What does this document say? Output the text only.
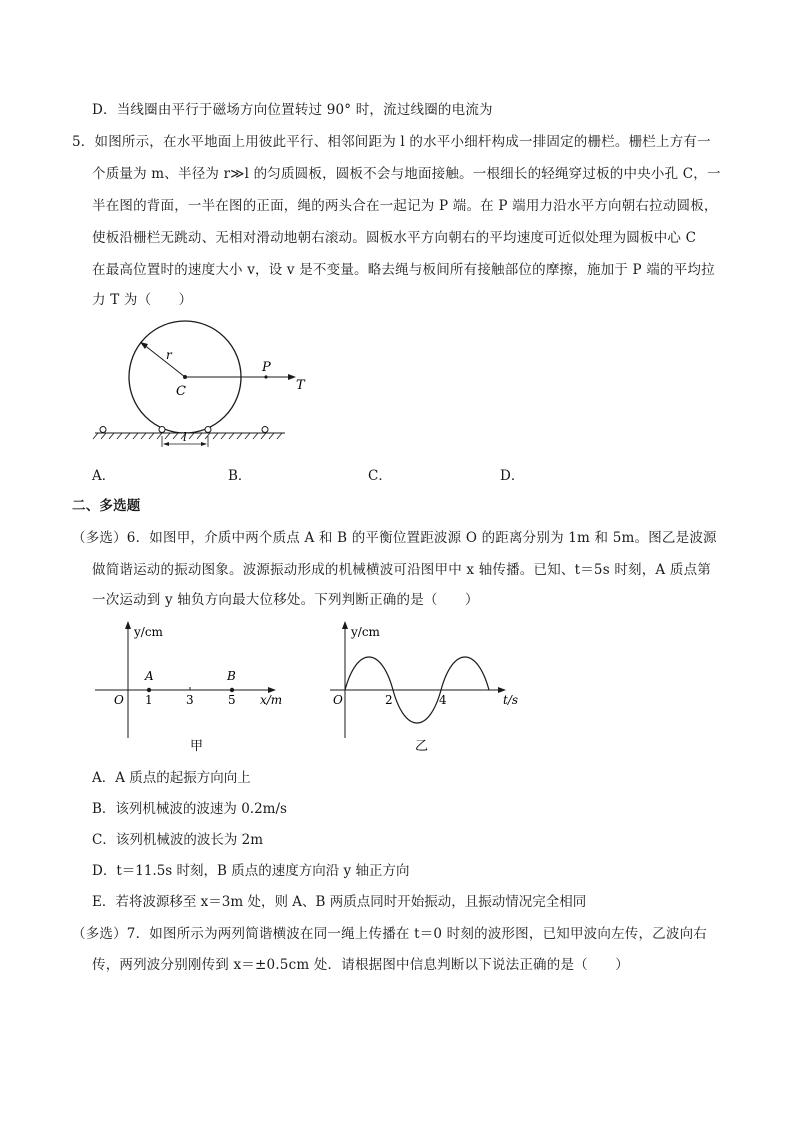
D．当线圈由平行于磁场方向位置转过 90° 时，流过线圈的电流为
5．如图所示，在水平地面上用彼此平行、相邻间距为 l 的水平小细杆构成一排固定的栅栏。栅栏上方有一
个质量为 m、半径为 r≫l 的匀质圆板，圆板不会与地面接触。一根细长的轻绳穿过板的中央小孔 C，一
半在图的背面，一半在图的正面，绳的两头合在一起记为 P 端。在 P 端用力沿水平方向朝右拉动圆板，
使板沿栅栏无跳动、无相对滑动地朝右滚动。圆板水平方向朝右的平均速度可近似处理为圆板中心 C
在最高位置时的速度大小 v，设 v 是不变量。略去绳与板间所有接触部位的摩擦，施加于 P 端的平均拉
力 T 为（　　）
r
C
P
T
l
A．	B．	C．	D．
二、多选题
（多选）6．如图甲，介质中两个质点 A 和 B 的平衡位置距波源 O 的距离分别为 1m 和 5m。图乙是波源
做简谐运动的振动图象。波源振动形成的机械横波可沿图甲中 x 轴传播。已知、t＝5s 时刻，A 质点第
一次运动到 y 轴负方向最大位移处。下列判断正确的是（　　）
y/cm
x/m
O 1	3	5
A	B
甲
y/cm
t/s
O	2	4
乙
A．A 质点的起振方向向上
B．该列机械波的波速为 0.2m/s
C．该列机械波的波长为 2m
D．t＝11.5s 时刻，B 质点的速度方向沿 y 轴正方向
E．若将波源移至 x＝3m 处，则 A、B 两质点同时开始振动，且振动情况完全相同
（多选）7．如图所示为两列简谐横波在同一绳上传播在 t＝0 时刻的波形图，已知甲波向左传，乙波向右
传，两列波分别刚传到 x＝±0.5cm 处．请根据图中信息判断以下说法正确的是（　　）
